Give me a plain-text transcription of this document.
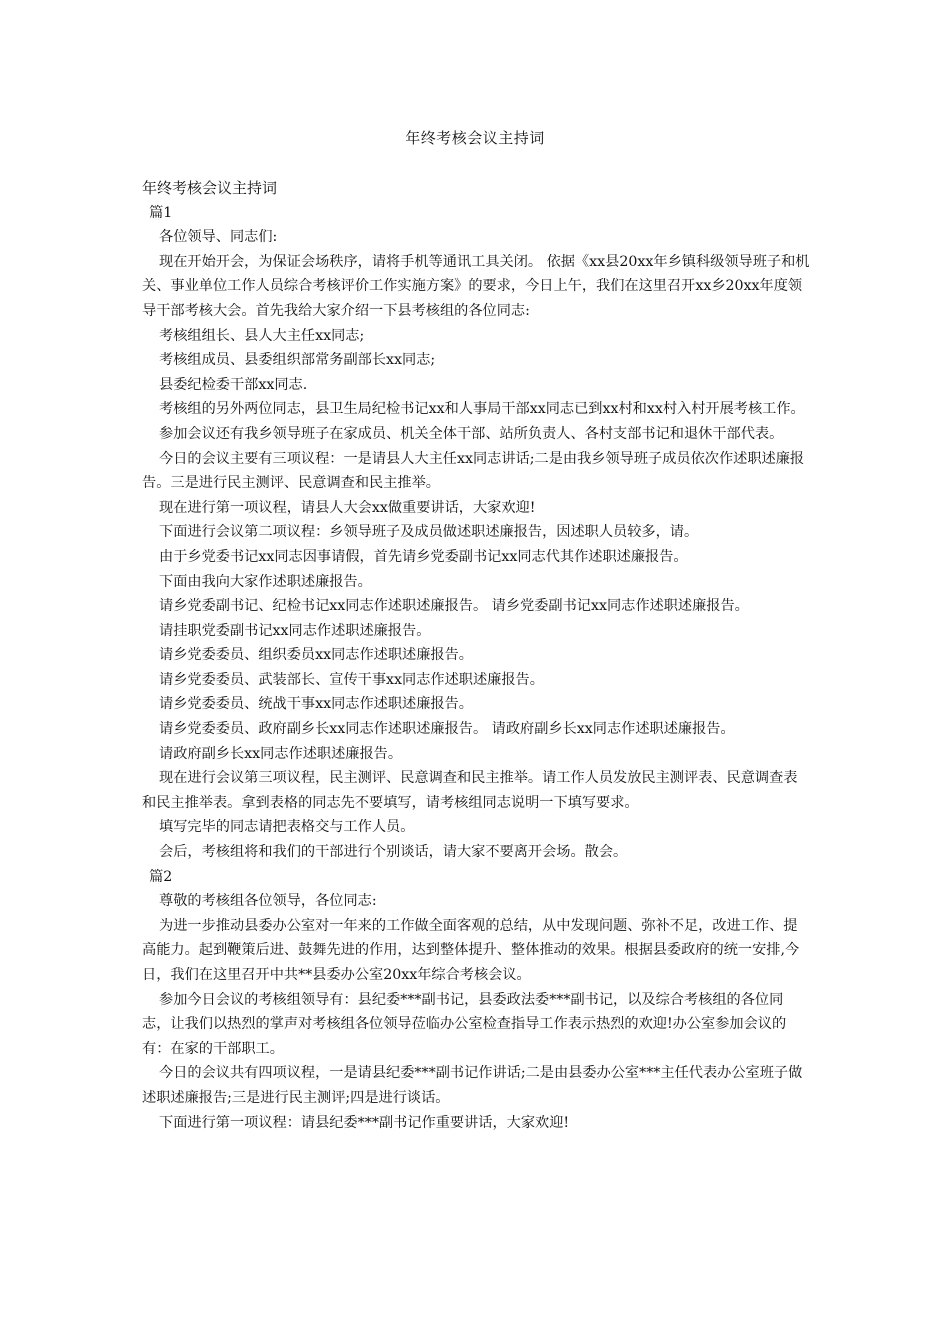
年终考核会议主持词

年终考核会议主持词

篇1

各位领导、同志们:

现在开始开会，为保证会场秩序，请将手机等通讯工具关闭。 依据《xx县20xx年乡镇科级领导班子和机关、事业单位工作人员综合考核评价工作实施方案》的要求，今日上午，我们在这里召开xx乡20xx年度领导干部考核大会。首先我给大家介绍一下县考核组的各位同志:

考核组组长、县人大主任xx同志;

考核组成员、县委组织部常务副部长xx同志;

县委纪检委干部xx同志.

考核组的另外两位同志，县卫生局纪检书记xx和人事局干部xx同志已到xx村和xx村入村开展考核工作。

参加会议还有我乡领导班子在家成员、机关全体干部、站所负责人、各村支部书记和退休干部代表。

今日的会议主要有三项议程：一是请县人大主任xx同志讲话;二是由我乡领导班子成员依次作述职述廉报告。三是进行民主测评、民意调查和民主推举。

现在进行第一项议程，请县人大会xx做重要讲话，大家欢迎!

下面进行会议第二项议程：乡领导班子及成员做述职述廉报告，因述职人员较多，请。

由于乡党委书记xx同志因事请假，首先请乡党委副书记xx同志代其作述职述廉报告。

下面由我向大家作述职述廉报告。

请乡党委副书记、纪检书记xx同志作述职述廉报告。 请乡党委副书记xx同志作述职述廉报告。

请挂职党委副书记xx同志作述职述廉报告。

请乡党委委员、组织委员xx同志作述职述廉报告。

请乡党委委员、武装部长、宣传干事xx同志作述职述廉报告。

请乡党委委员、统战干事xx同志作述职述廉报告。

请乡党委委员、政府副乡长xx同志作述职述廉报告。 请政府副乡长xx同志作述职述廉报告。

请政府副乡长xx同志作述职述廉报告。

现在进行会议第三项议程，民主测评、民意调查和民主推举。请工作人员发放民主测评表、民意调查表和民主推举表。拿到表格的同志先不要填写，请考核组同志说明一下填写要求。

填写完毕的同志请把表格交与工作人员。

会后，考核组将和我们的干部进行个别谈话，请大家不要离开会场。散会。

篇2

尊敬的考核组各位领导，各位同志:

为进一步推动县委办公室对一年来的工作做全面客观的总结，从中发现问题、弥补不足，改进工作、提高能力。起到鞭策后进、鼓舞先进的作用，达到整体提升、整体推动的效果。根据县委政府的统一安排,今日，我们在这里召开中共**县委办公室20xx年综合考核会议。

参加今日会议的考核组领导有：县纪委***副书记，县委政法委***副书记，以及综合考核组的各位同志，让我们以热烈的掌声对考核组各位领导莅临办公室检查指导工作表示热烈的欢迎!办公室参加会议的有：在家的干部职工。

今日的会议共有四项议程，一是请县纪委***副书记作讲话;二是由县委办公室***主任代表办公室班子做述职述廉报告;三是进行民主测评;四是进行谈话。

下面进行第一项议程：请县纪委***副书记作重要讲话，大家欢迎!
